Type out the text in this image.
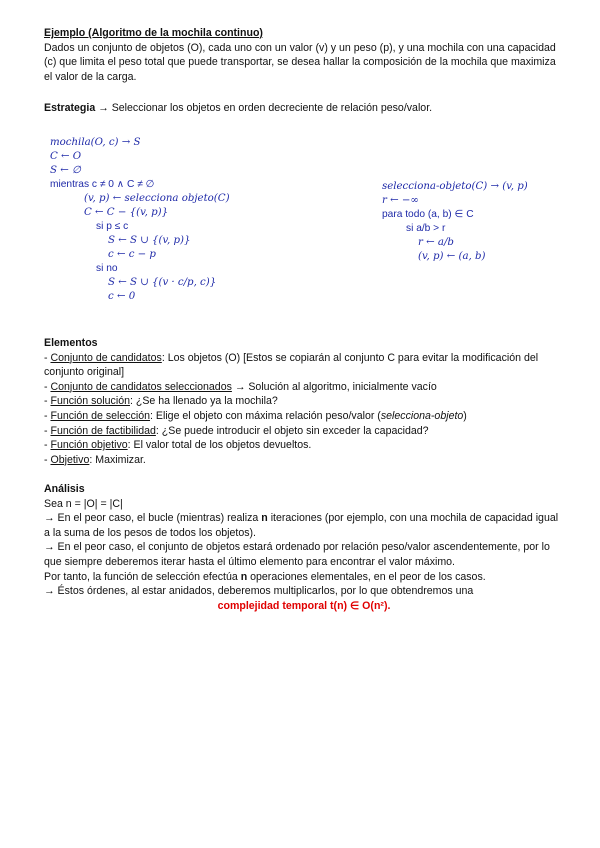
Ejemplo (Algoritmo de la mochila continuo)

Dados un conjunto de objetos (O), cada uno con un valor (v) y un peso (p), y una mochila con una capacidad (c) que limita el peso total que puede transportar, se desea hallar la composición de la mochila que maximiza el valor de la carga.

Estrategia → Seleccionar los objetos en orden decreciente de relación peso/valor.

mochila(O, c) → S
C ← O
S ← ∅
mientras c ≠ 0 ∧ C ≠ ∅
(v, p) ← selecciona objeto(C)
C ← C − {(v, p)}
si p ≤ c
S ← S ∪ {(v, p)}
c ← c − p
si no
S ← S ∪ {(v · c/p, c)}
c ← 0
selecciona-objeto(C) → (v, p)
r ← −∞
para todo (a, b) ∈ C
si a/b > r
r ← a/b
(v, p) ← (a, b)

Elementos

- Conjunto de candidatos: Los objetos (O) [Estos se copiarán al conjunto C para evitar la modificación del conjunto original]

- Conjunto de candidatos seleccionados → Solución al algoritmo, inicialmente vacío

- Función solución: ¿Se ha llenado ya la mochila?

- Función de selección: Elige el objeto con máxima relación peso/valor (selecciona-objeto)

- Función de factibilidad: ¿Se puede introducir el objeto sin exceder la capacidad?

- Función objetivo: El valor total de los objetos devueltos.

- Objetivo: Maximizar.

Análisis

Sea n = |O| = |C|

→ En el peor caso, el bucle (mientras) realiza n iteraciones (por ejemplo, con una mochila de capacidad igual a la suma de los pesos de todos los objetos).

→ En el peor caso, el conjunto de objetos estará ordenado por relación peso/valor ascendentemente, por lo que siempre deberemos iterar hasta el último elemento para encontrar el valor máximo.

Por tanto, la función de selección efectúa n operaciones elementales, en el peor de los casos.

→ Éstos órdenes, al estar anidados, deberemos multiplicarlos, por lo que obtendremos una

complejidad temporal t(n) ∈ O(n²).
